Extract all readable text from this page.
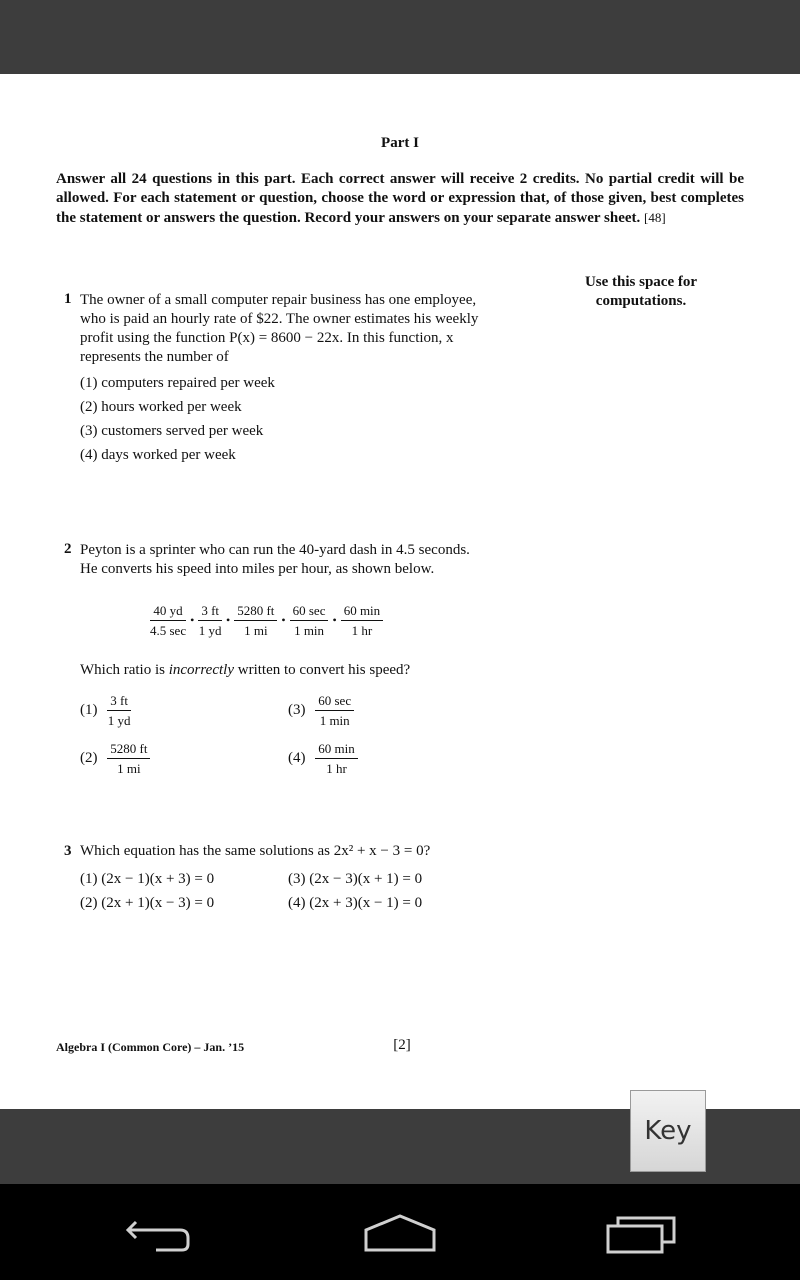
Part I
Answer all 24 questions in this part. Each correct answer will receive 2 credits. No partial credit will be allowed. For each statement or question, choose the word or expression that, of those given, best completes the statement or answers the question. Record your answers on your separate answer sheet. [48]
Use this space for
computations.
1 The owner of a small computer repair business has one employee,
who is paid an hourly rate of $22. The owner estimates his weekly
profit using the function P(x) = 8600 − 22x. In this function, x
represents the number of
(1) computers repaired per week
(2) hours worked per week
(3) customers served per week
(4) days worked per week
2 Peyton is a sprinter who can run the 40-yard dash in 4.5 seconds.
He converts his speed into miles per hour, as shown below.
40 yd
4.5 sec
• $\frac{3 ft}{1 yd}$ • $\frac{5280 ft}{1 mi}$ •
60 sec
1 min
•
60 min
1 hr
Which ratio is incorrectly written to convert his speed?
$(1) \frac{3 ft}{1 yd}$	(3)
60 sec
1 min
$(2) \frac{5280 ft}{1 mi}$	(4)
60 min
1 hr
3 Which equation has the same solutions as 2x² + x − 3 = 0?
(1) (2x − 1)(x + 3) = 0	(3) (2x − 3)(x + 1) = 0
(2) (2x + 1)(x − 3) = 0	(4) (2x + 3)(x − 1) = 0
Algebra I (Common Core) – Jan. ’15	[2]
Key
